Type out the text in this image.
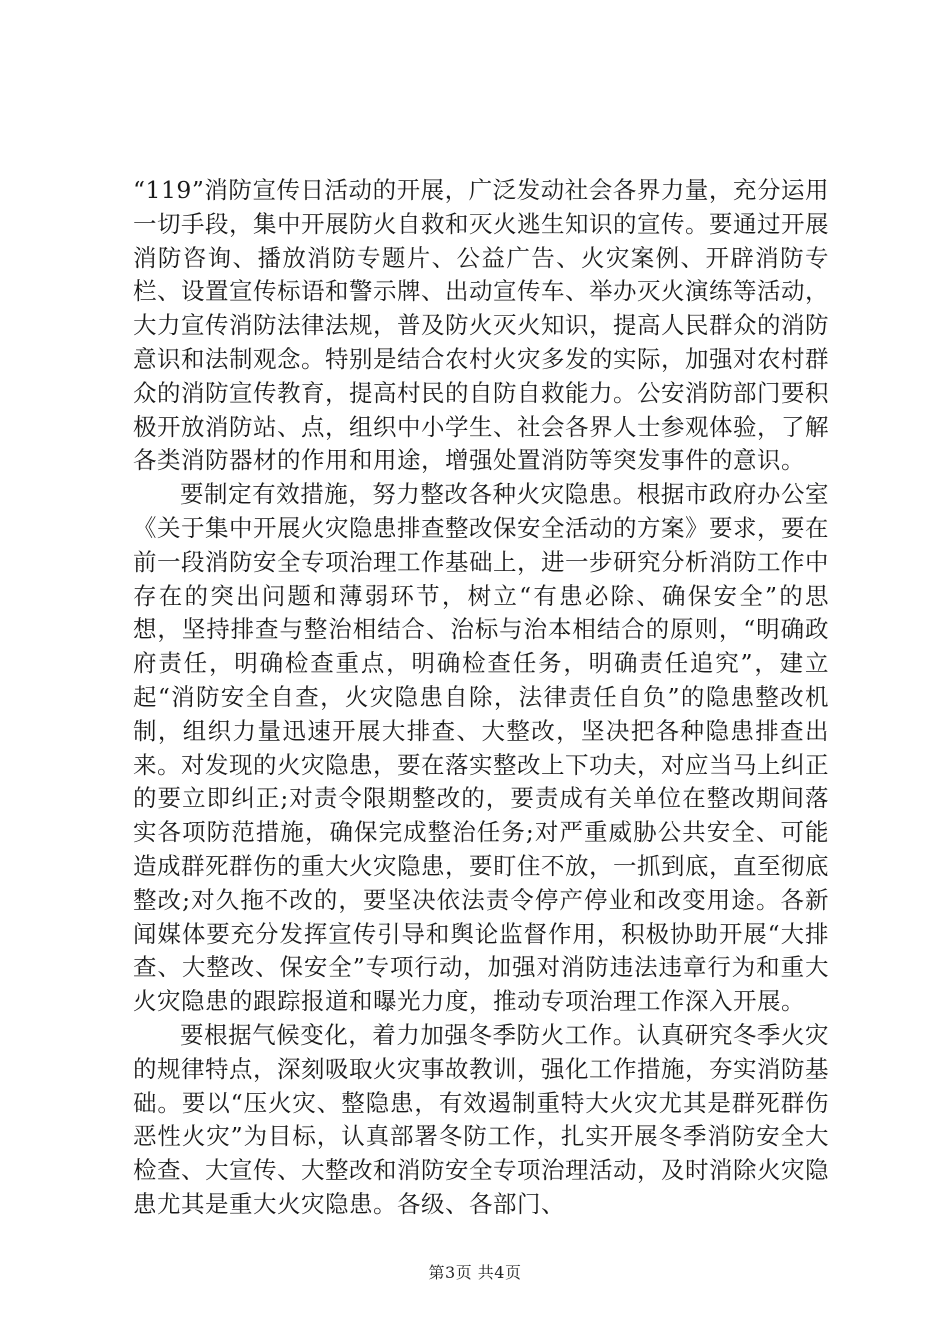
“119”消防宣传日活动的开展，广泛发动社会各界力量，充分运用一切手段，集中开展防火自救和灭火逃生知识的宣传。要通过开展消防咨询、播放消防专题片、公益广告、火灾案例、开辟消防专栏、设置宣传标语和警示牌、出动宣传车、举办灭火演练等活动，大力宣传消防法律法规，普及防火灭火知识，提高人民群众的消防意识和法制观念。特别是结合农村火灾多发的实际，加强对农村群众的消防宣传教育，提高村民的自防自救能力。公安消防部门要积极开放消防站、点，组织中小学生、社会各界人士参观体验，了解各类消防器材的作用和用途，增强处置消防等突发事件的意识。

要制定有效措施，努力整改各种火灾隐患。根据市政府办公室《关于集中开展火灾隐患排查整改保安全活动的方案》要求，要在前一段消防安全专项治理工作基础上，进一步研究分析消防工作中存在的突出问题和薄弱环节，树立“有患必除、确保安全”的思想，坚持排查与整治相结合、治标与治本相结合的原则，“明确政府责任，明确检查重点，明确检查任务，明确责任追究”，建立起“消防安全自查，火灾隐患自除，法律责任自负”的隐患整改机制，组织力量迅速开展大排查、大整改，坚决把各种隐患排查出来。对发现的火灾隐患，要在落实整改上下功夫，对应当马上纠正的要立即纠正;对责令限期整改的，要责成有关单位在整改期间落实各项防范措施，确保完成整治任务;对严重威胁公共安全、可能造成群死群伤的重大火灾隐患，要盯住不放，一抓到底，直至彻底整改;对久拖不改的，要坚决依法责令停产停业和改变用途。各新闻媒体要充分发挥宣传引导和舆论监督作用，积极协助开展“大排查、大整改、保安全”专项行动，加强对消防违法违章行为和重大火灾隐患的跟踪报道和曝光力度，推动专项治理工作深入开展。

要根据气候变化，着力加强冬季防火工作。认真研究冬季火灾的规律特点，深刻吸取火灾事故教训，强化工作措施，夯实消防基础。要以“压火灾、整隐患，有效遏制重特大火灾尤其是群死群伤恶性火灾”为目标，认真部署冬防工作，扎实开展冬季消防安全大检查、大宣传、大整改和消防安全专项治理活动，及时消除火灾隐患尤其是重大火灾隐患。各级、各部门、

第3页 共4页
